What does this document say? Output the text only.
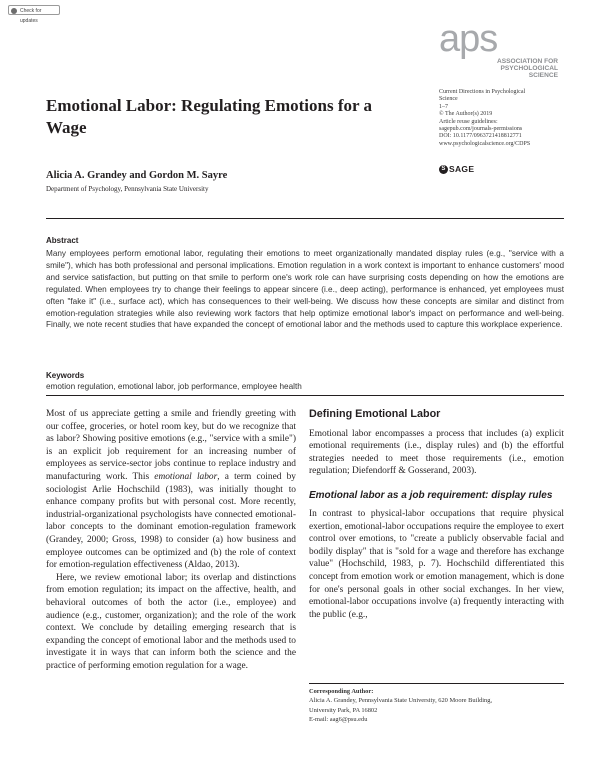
Check for updates	aps
ASSOCIATION FOR
PSYCHOLOGICAL SCIENCE
Current Directions in Psychological
Science
1–7
© The Author(s) 2019
Article reuse guidelines:
sagepub.com/journals-permissions
DOI: 10.1177/0963721418812771
www.psychologicalscience.org/CDPS
S SAGE
Emotional Labor: Regulating Emotions for a Wage
Alicia A. Grandey and Gordon M. Sayre
Department of Psychology, Pennsylvania State University
Abstract
Many employees perform emotional labor, regulating their emotions to meet organizationally mandated display rules (e.g., "service with a smile"), which has both professional and personal implications. Emotion regulation in a work context is important to enhance customers' mood and service satisfaction, but putting on that smile to perform one's work role can have surprising costs depending on how the emotions are regulated. When employees try to change their feelings to appear sincere (i.e., deep acting), performance is enhanced, yet employees must often "fake it" (i.e., surface act), which has consequences to their well-being. We discuss how these concepts are similar and distinct from emotion-regulation strategies while also reviewing work factors that help optimize emotional labor's impact on performance and well-being. Finally, we note recent studies that have expanded the concept of emotional labor and the methods used to capture this workplace experience.
Keywords
emotion regulation, emotional labor, job performance, employee health

Most of us appreciate getting a smile and friendly greeting with our coffee, groceries, or hotel room key, but do we recognize that as labor? Showing positive emotions (e.g., "service with a smile") is an explicit job requirement for an increasing number of employees as service-sector jobs continue to replace industry and manufacturing work. This emotional labor, a term coined by sociologist Arlie Hochschild (1983), was initially thought to enhance company profits but with personal cost. More recently, industrial-organizational psychologists have connected emotional-labor concepts to the dominant emotion-regulation framework (Grandey, 2000; Gross, 1998) to consider (a) how business and employee outcomes can be optimized and (b) the role of context for emotion-regulation effectiveness (Aldao, 2013).

Here, we review emotional labor; its overlap and distinctions from emotion regulation; its impact on the affective, health, and behavioral outcomes of both the actor (i.e., employee) and audience (e.g., customer, organization); and the role of the work context. We conclude by detailing emerging research that is expanding the concept of emotional labor and the methods used to investigate it in ways that can inform both the science and the practice of performing emotion regulation for a wage.

Defining Emotional Labor

Emotional labor encompasses a process that includes (a) explicit emotional requirements (i.e., display rules) and (b) the effortful strategies needed to meet those requirements (i.e., emotion regulation; Diefendorff & Gosserand, 2003).

Emotional labor as a job requirement: display rules

In contrast to physical-labor occupations that require physical exertion, emotional-labor occupations require the employee to exert control over emotions, to "create a publicly observable facial and bodily display" that is "sold for a wage and therefore has exchange value" (Hochschild, 1983, p. 7). Hochschild differentiated this concept from emotion work or emotion management, which is done for one's personal goals in other social exchanges. In her view, emotional-labor occupations involve (a) frequently interacting with the public (e.g.,

Corresponding Author:
Alicia A. Grandey, Pennsylvania State University, 620 Moore Building,
University Park, PA 16802
E-mail: aag6@psu.edu
